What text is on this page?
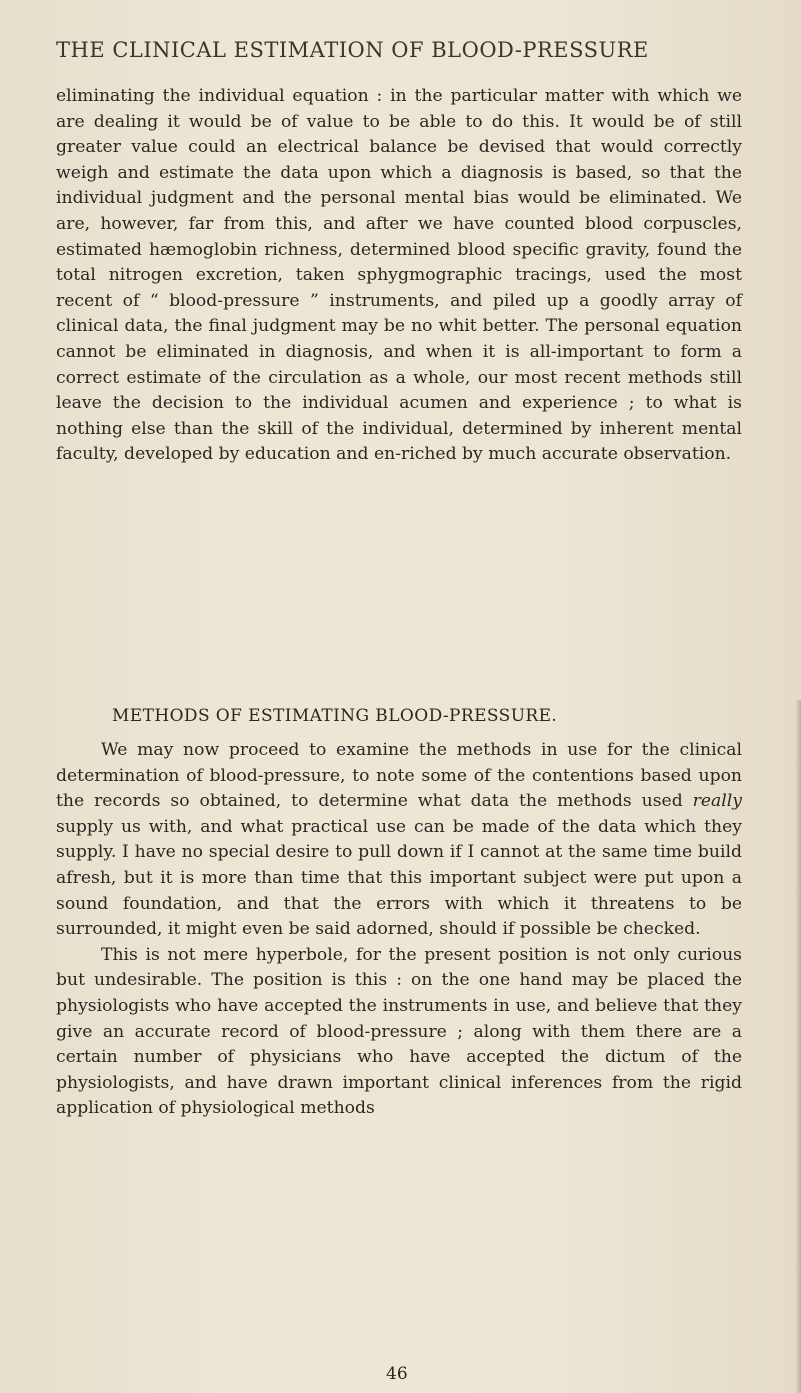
THE CLINICAL ESTIMATION OF BLOOD-PRESSURE

eliminating the individual equation : in the particular matter with which we are dealing it would be of value to be able to do this. It would be of still greater value could an electrical balance be devised that would correctly weigh and estimate the data upon which a diagnosis is based, so that the individual judgment and the personal mental bias would be eliminated. We are, however, far from this, and after we have counted blood corpuscles, estimated hæmoglobin richness, determined blood specific gravity, found the total nitrogen excretion, taken sphygmographic tracings, used the most recent of “ blood-pressure ” instruments, and piled up a goodly array of clinical data, the final judgment may be no whit better. The personal equation cannot be eliminated in diagnosis, and when it is all-important to form a correct estimate of the circulation as a whole, our most recent methods still leave the decision to the individual acumen and experience ; to what is nothing else than the skill of the individual, determined by inherent mental faculty, developed by education and en-riched by much accurate observation.

METHODS OF ESTIMATING BLOOD-PRESSURE.

We may now proceed to examine the methods in use for the clinical determination of blood-pressure, to note some of the contentions based upon the records so obtained, to determine what data the methods used really supply us with, and what practical use can be made of the data which they supply. I have no special desire to pull down if I cannot at the same time build afresh, but it is more than time that this important subject were put upon a sound foundation, and that the errors with which it threatens to be surrounded, it might even be said adorned, should if possible be checked.

This is not mere hyperbole, for the present position is not only curious but undesirable. The position is this : on the one hand may be placed the physiologists who have accepted the instruments in use, and believe that they give an accurate record of blood-pressure ; along with them there are a certain number of physicians who have accepted the dictum of the physiologists, and have drawn important clinical inferences from the rigid application of physiological methods

46
